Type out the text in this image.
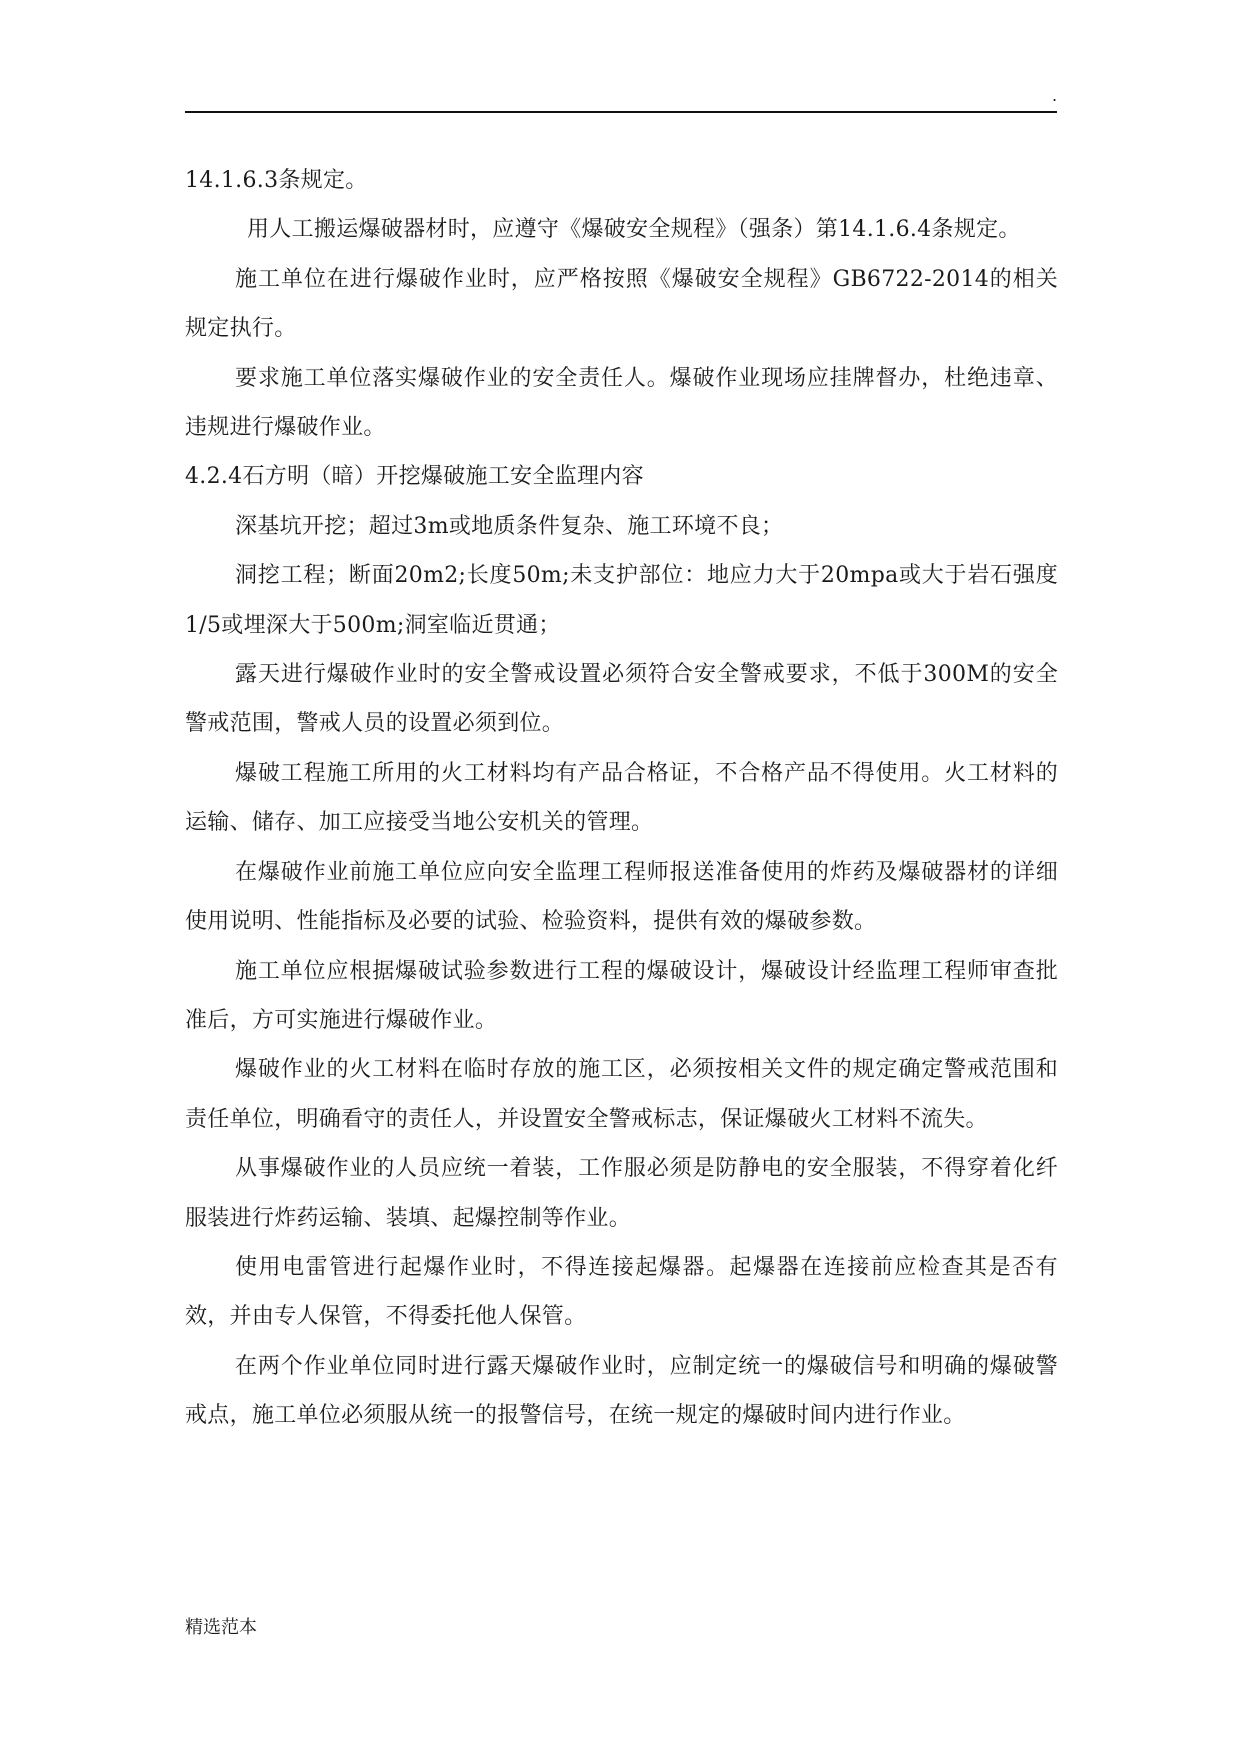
.

14.1.6.3条规定。

用人工搬运爆破器材时，应遵守《爆破安全规程》（强条）第14.1.6.4条规定。

施工单位在进行爆破作业时，应严格按照《爆破安全规程》GB6722-2014的相关规定执行。

要求施工单位落实爆破作业的安全责任人。爆破作业现场应挂牌督办，杜绝违章、违规进行爆破作业。

4.2.4石方明（暗）开挖爆破施工安全监理内容

深基坑开挖；超过3m或地质条件复杂、施工环境不良；

洞挖工程；断面20m2;长度50m;未支护部位：地应力大于20mpa或大于岩石强度1/5或埋深大于500m;洞室临近贯通；

露天进行爆破作业时的安全警戒设置必须符合安全警戒要求，不低于300M的安全警戒范围，警戒人员的设置必须到位。

爆破工程施工所用的火工材料均有产品合格证，不合格产品不得使用。火工材料的运输、储存、加工应接受当地公安机关的管理。

在爆破作业前施工单位应向安全监理工程师报送准备使用的炸药及爆破器材的详细使用说明、性能指标及必要的试验、检验资料，提供有效的爆破参数。

施工单位应根据爆破试验参数进行工程的爆破设计，爆破设计经监理工程师审查批准后，方可实施进行爆破作业。

爆破作业的火工材料在临时存放的施工区，必须按相关文件的规定确定警戒范围和责任单位，明确看守的责任人，并设置安全警戒标志，保证爆破火工材料不流失。

从事爆破作业的人员应统一着装，工作服必须是防静电的安全服装，不得穿着化纤服装进行炸药运输、装填、起爆控制等作业。

使用电雷管进行起爆作业时，不得连接起爆器。起爆器在连接前应检查其是否有效，并由专人保管，不得委托他人保管。

在两个作业单位同时进行露天爆破作业时，应制定统一的爆破信号和明确的爆破警戒点，施工单位必须服从统一的报警信号，在统一规定的爆破时间内进行作业。

精选范本
